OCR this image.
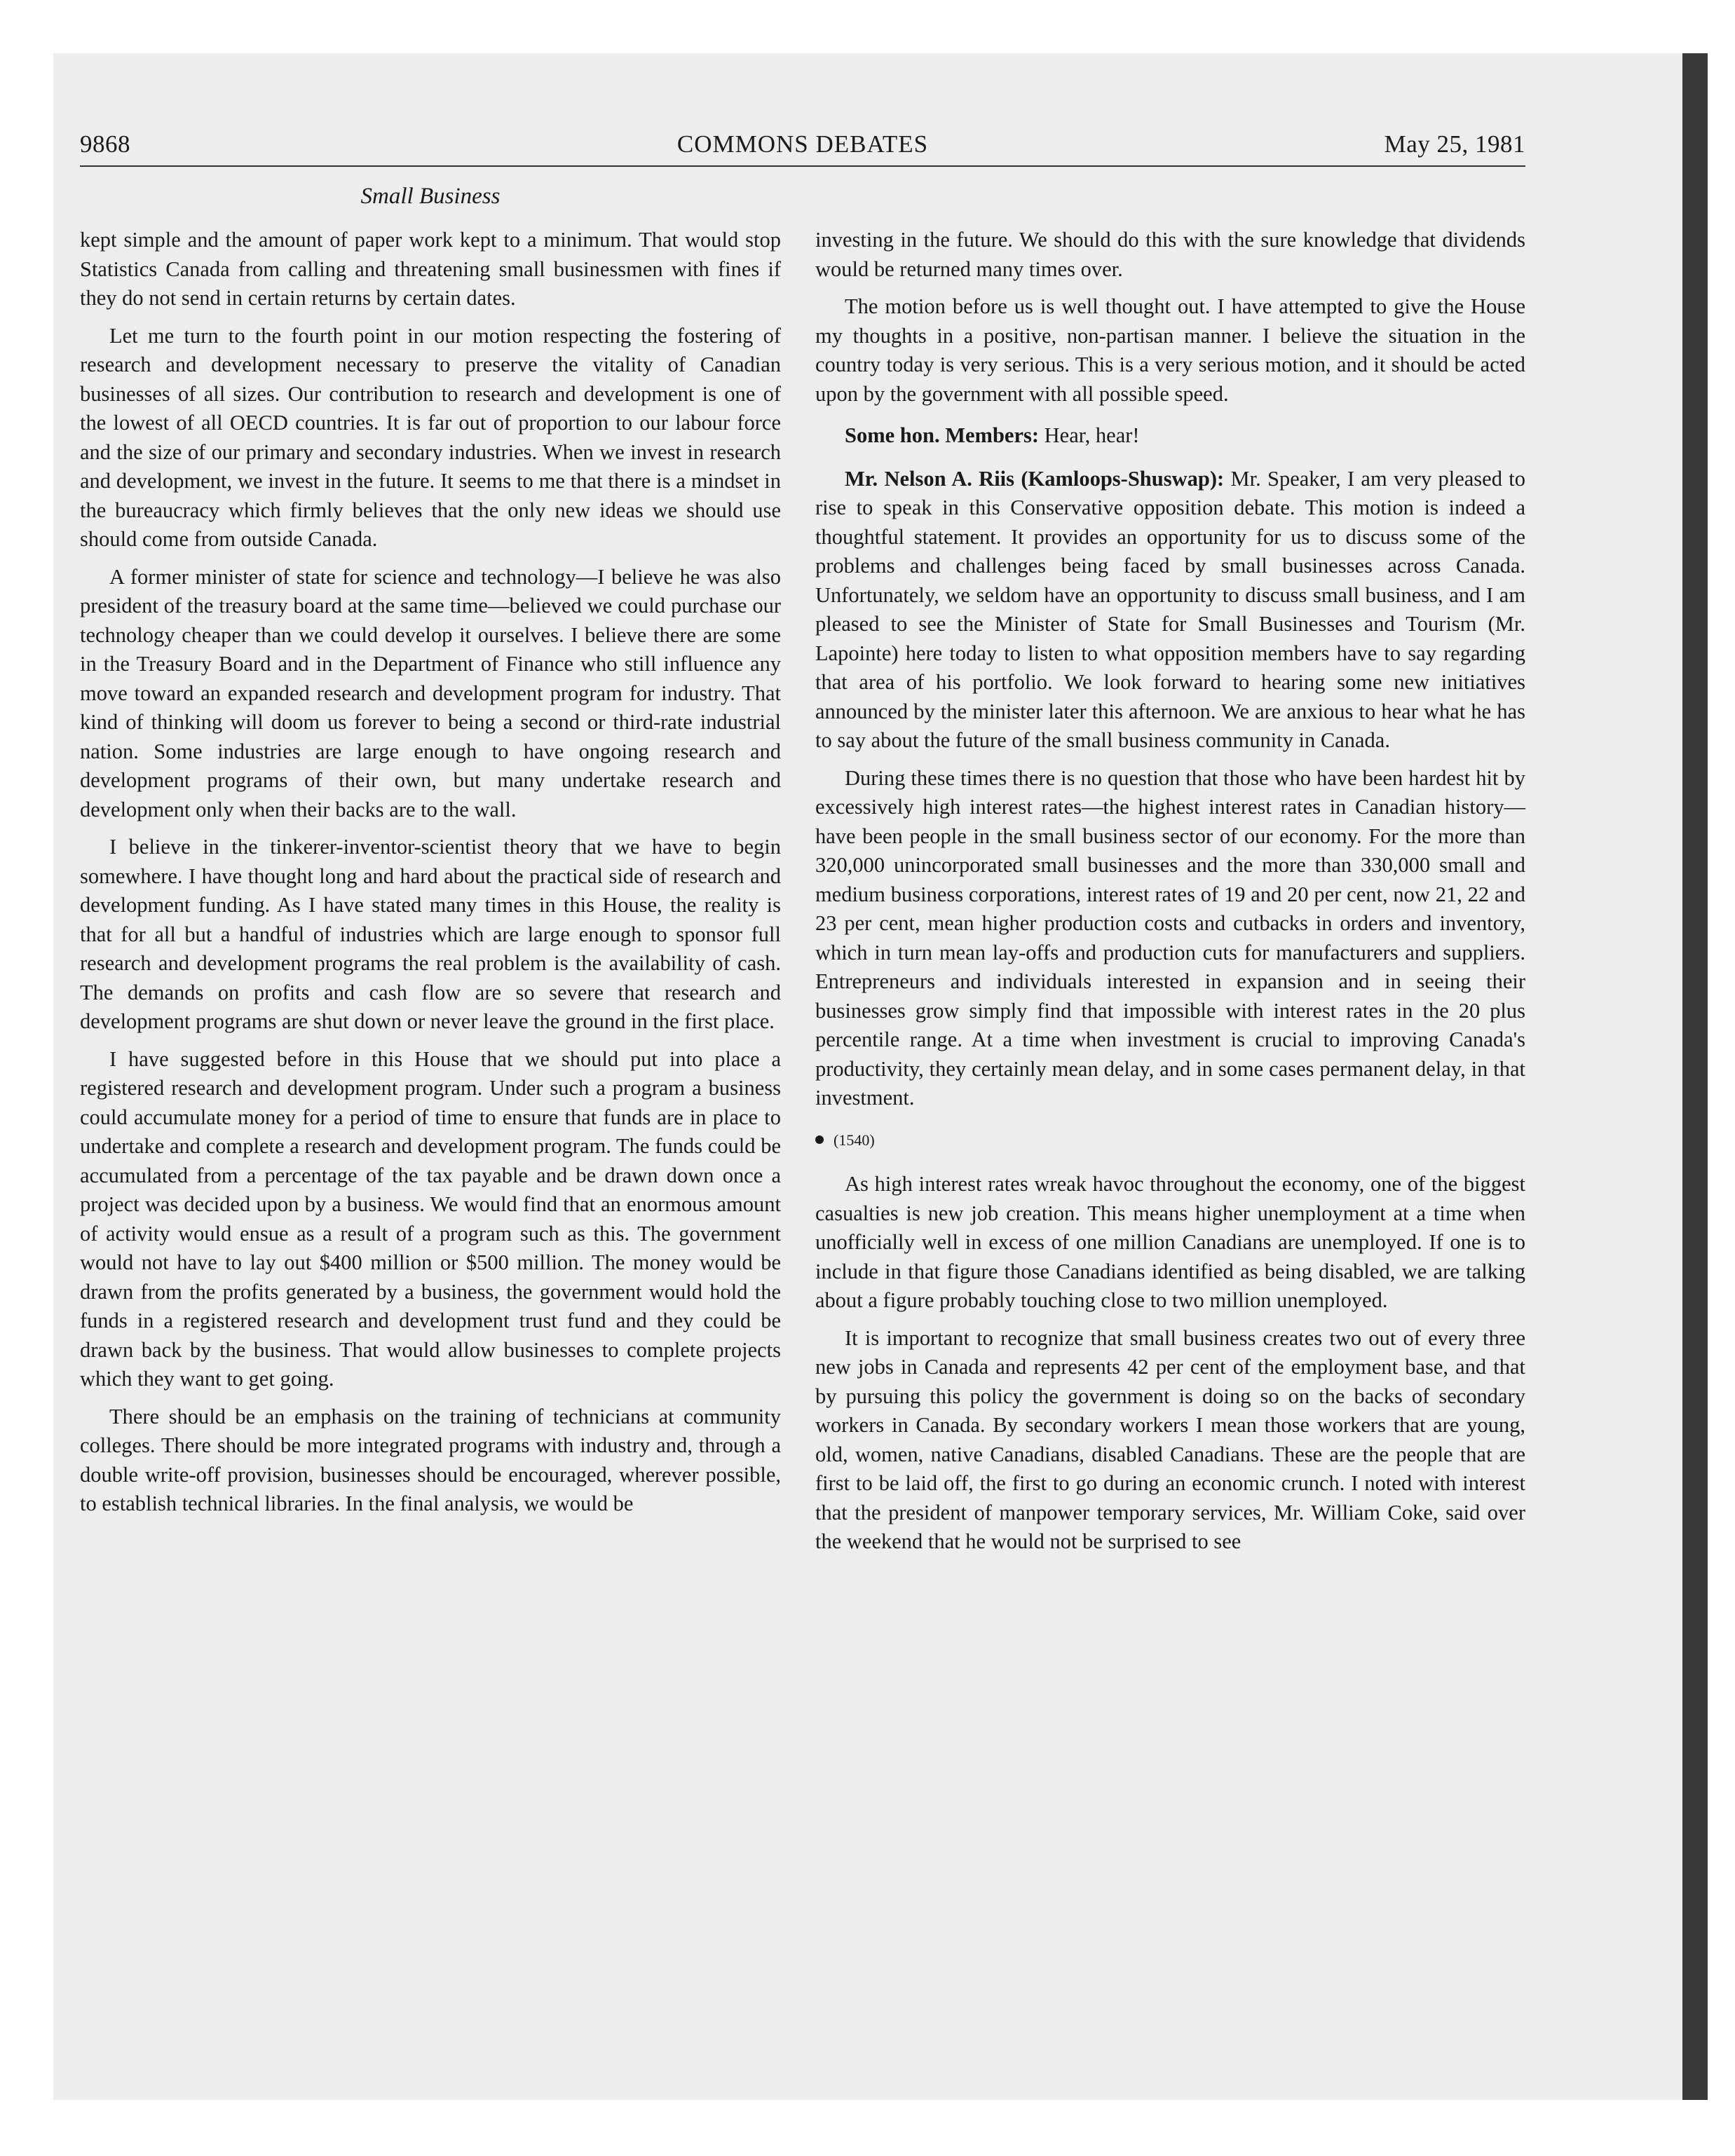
9868	COMMONS DEBATES	May 25, 1981
Small Business

kept simple and the amount of paper work kept to a minimum. That would stop Statistics Canada from calling and threatening small businessmen with fines if they do not send in certain returns by certain dates.

Let me turn to the fourth point in our motion respecting the fostering of research and development necessary to preserve the vitality of Canadian businesses of all sizes. Our contribution to research and development is one of the lowest of all OECD countries. It is far out of proportion to our labour force and the size of our primary and secondary industries. When we invest in research and development, we invest in the future. It seems to me that there is a mindset in the bureaucracy which firmly believes that the only new ideas we should use should come from outside Canada.

A former minister of state for science and technology—I believe he was also president of the treasury board at the same time—believed we could purchase our technology cheaper than we could develop it ourselves. I believe there are some in the Treasury Board and in the Department of Finance who still influence any move toward an expanded research and development program for industry. That kind of thinking will doom us forever to being a second or third-rate industrial nation. Some industries are large enough to have ongoing research and development programs of their own, but many undertake research and development only when their backs are to the wall.

I believe in the tinkerer-inventor-scientist theory that we have to begin somewhere. I have thought long and hard about the practical side of research and development funding. As I have stated many times in this House, the reality is that for all but a handful of industries which are large enough to sponsor full research and development programs the real problem is the availability of cash. The demands on profits and cash flow are so severe that research and development programs are shut down or never leave the ground in the first place.

I have suggested before in this House that we should put into place a registered research and development program. Under such a program a business could accumulate money for a period of time to ensure that funds are in place to undertake and complete a research and development program. The funds could be accumulated from a percentage of the tax payable and be drawn down once a project was decided upon by a business. We would find that an enormous amount of activity would ensue as a result of a program such as this. The government would not have to lay out $400 million or $500 million. The money would be drawn from the profits generated by a business, the government would hold the funds in a registered research and development trust fund and they could be drawn back by the business. That would allow businesses to complete projects which they want to get going.

There should be an emphasis on the training of technicians at community colleges. There should be more integrated programs with industry and, through a double write-off provision, businesses should be encouraged, wherever possible, to establish technical libraries. In the final analysis, we would be

investing in the future. We should do this with the sure knowledge that dividends would be returned many times over.

The motion before us is well thought out. I have attempted to give the House my thoughts in a positive, non-partisan manner. I believe the situation in the country today is very serious. This is a very serious motion, and it should be acted upon by the government with all possible speed.

Some hon. Members: Hear, hear!

Mr. Nelson A. Riis (Kamloops-Shuswap): Mr. Speaker, I am very pleased to rise to speak in this Conservative opposition debate. This motion is indeed a thoughtful statement. It provides an opportunity for us to discuss some of the problems and challenges being faced by small businesses across Canada. Unfortunately, we seldom have an opportunity to discuss small business, and I am pleased to see the Minister of State for Small Businesses and Tourism (Mr. Lapointe) here today to listen to what opposition members have to say regarding that area of his portfolio. We look forward to hearing some new initiatives announced by the minister later this afternoon. We are anxious to hear what he has to say about the future of the small business community in Canada.

During these times there is no question that those who have been hardest hit by excessively high interest rates—the highest interest rates in Canadian history—have been people in the small business sector of our economy. For the more than 320,000 unincorporated small businesses and the more than 330,000 small and medium business corporations, interest rates of 19 and 20 per cent, now 21, 22 and 23 per cent, mean higher production costs and cutbacks in orders and inventory, which in turn mean lay-offs and production cuts for manufacturers and suppliers. Entrepreneurs and individuals interested in expansion and in seeing their businesses grow simply find that impossible with interest rates in the 20 plus percentile range. At a time when investment is crucial to improving Canada's productivity, they certainly mean delay, and in some cases permanent delay, in that investment.

(1540)

As high interest rates wreak havoc throughout the economy, one of the biggest casualties is new job creation. This means higher unemployment at a time when unofficially well in excess of one million Canadians are unemployed. If one is to include in that figure those Canadians identified as being disabled, we are talking about a figure probably touching close to two million unemployed.

It is important to recognize that small business creates two out of every three new jobs in Canada and represents 42 per cent of the employment base, and that by pursuing this policy the government is doing so on the backs of secondary workers in Canada. By secondary workers I mean those workers that are young, old, women, native Canadians, disabled Canadians. These are the people that are first to be laid off, the first to go during an economic crunch. I noted with interest that the president of manpower temporary services, Mr. William Coke, said over the weekend that he would not be surprised to see
